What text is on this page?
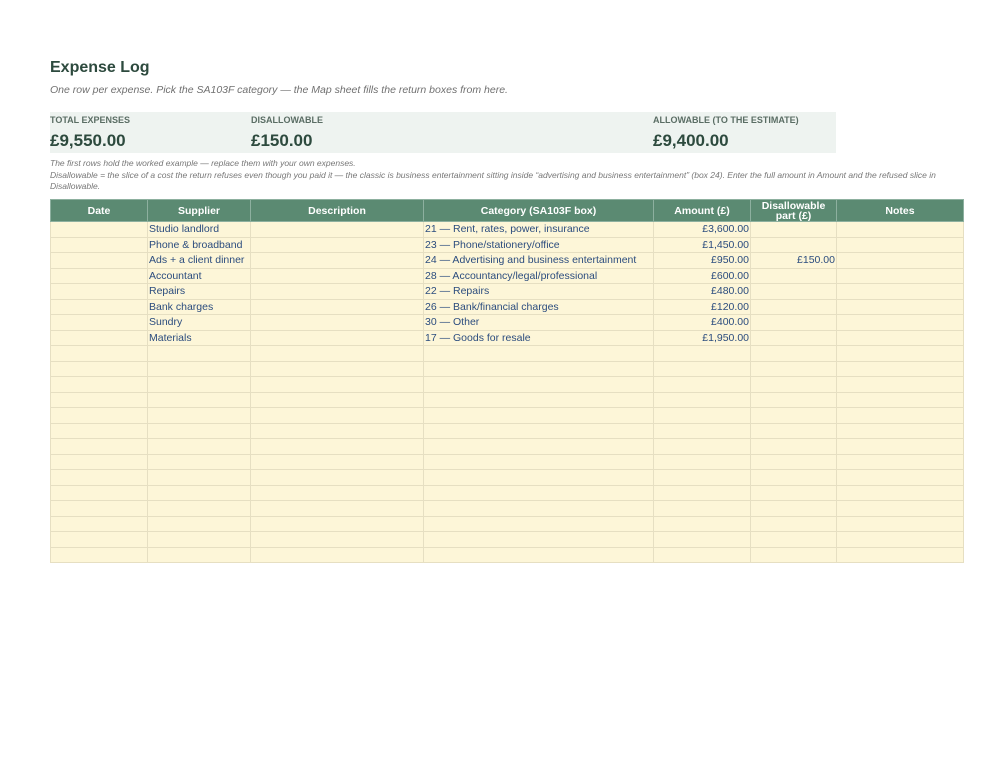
Expense Log
One row per expense. Pick the SA103F category — the Map sheet fills the return boxes from here.
TOTAL EXPENSES
£9,550.00
DISALLOWABLE
£150.00
ALLOWABLE (TO THE ESTIMATE)
£9,400.00
The first rows hold the worked example — replace them with your own expenses.
Disallowable = the slice of a cost the return refuses even though you paid it — the classic is business entertainment sitting inside “advertising and business entertainment” (box 24). Enter the full amount in Amount and the refused slice in Disallowable.
Date	Supplier	Description	Category (SA103F box)	Amount (£)	Disallowable part (£)	Notes
	Studio landlord		21 — Rent, rates, power, insurance	£3,600.00		
	Phone & broadband		23 — Phone/stationery/office	£1,450.00		
	Ads + a client dinner		24 — Advertising and business entertainment	£950.00	£150.00	
	Accountant		28 — Accountancy/legal/professional	£600.00		
	Repairs		22 — Repairs	£480.00		
	Bank charges		26 — Bank/financial charges	£120.00		
	Sundry		30 — Other	£400.00		
	Materials		17 — Goods for resale	£1,950.00		
